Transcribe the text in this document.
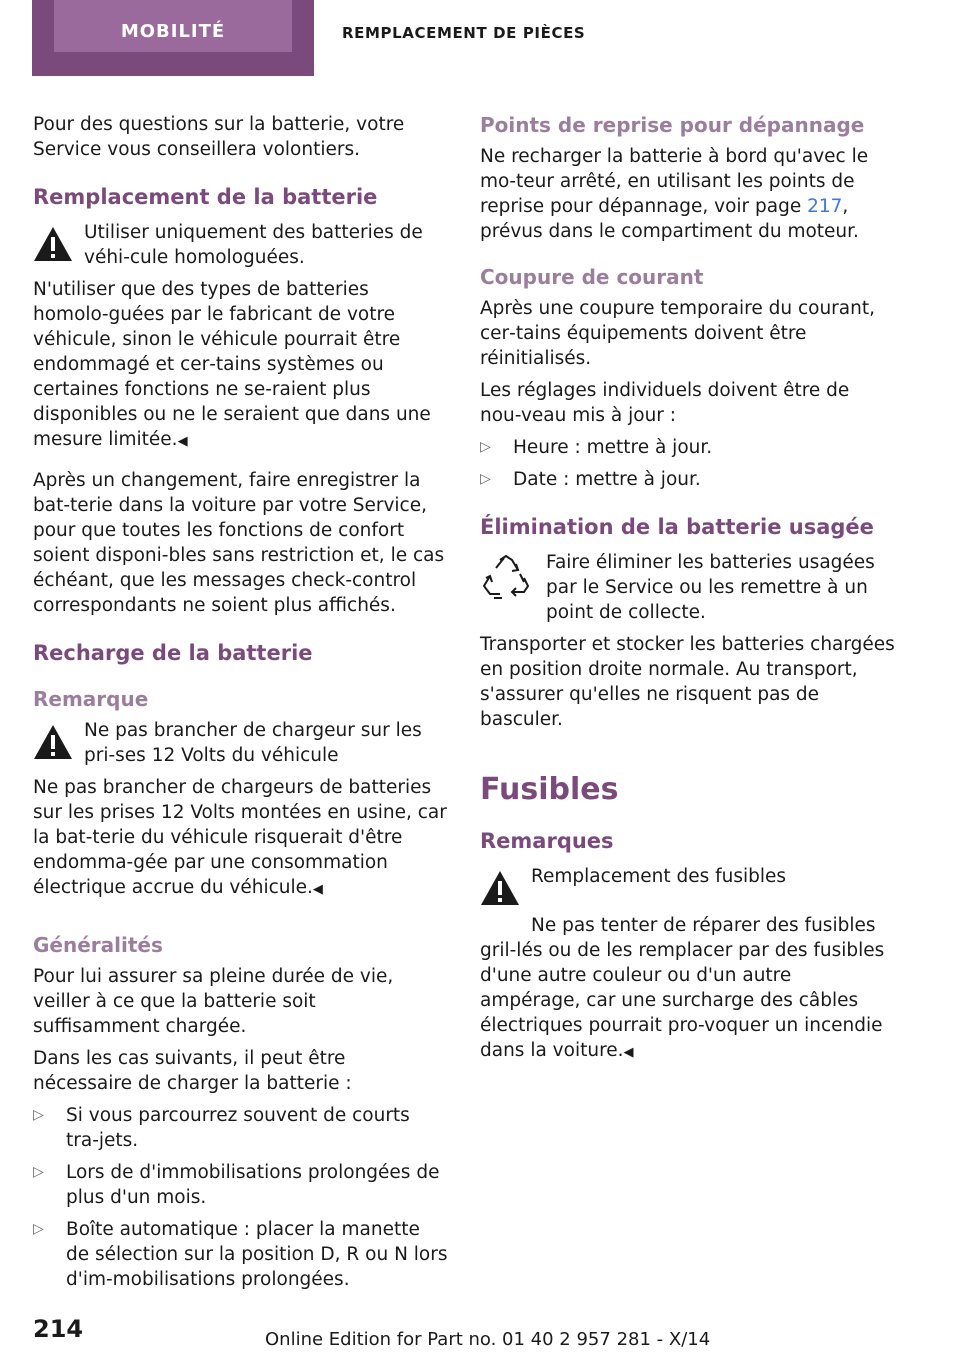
MOBILITÉ	REMPLACEMENT DE PIÈCES

Pour des questions sur la batterie, votre Service vous conseillera volontiers.

Remplacement de la batterie

Utiliser uniquement des batteries de véhi‐cule homologuées.

N'utiliser que des types de batteries homolo‐guées par le fabricant de votre véhicule, sinon le véhicule pourrait être endommagé et cer‐tains systèmes ou certaines fonctions ne se‐raient plus disponibles ou ne le seraient que dans une mesure limitée.◀

Après un changement, faire enregistrer la bat‐terie dans la voiture par votre Service, pour que toutes les fonctions de confort soient disponi‐bles sans restriction et, le cas échéant, que les messages check-control correspondants ne soient plus affichés.

Recharge de la batterie
Remarque

Ne pas brancher de chargeur sur les pri‐ses 12 Volts du véhicule

Ne pas brancher de chargeurs de batteries sur les prises 12 Volts montées en usine, car la bat‐terie du véhicule risquerait d'être endomma‐gée par une consommation électrique accrue du véhicule.◀

Généralités

Pour lui assurer sa pleine durée de vie, veiller à ce que la batterie soit suffisamment chargée.

Dans les cas suivants, il peut être nécessaire de charger la batterie :

▷ Si vous parcourrez souvent de courts tra‐jets.
▷ Lors de d'immobilisations prolongées de plus d'un mois.
▷ Boîte automatique : placer la manette de sélection sur la position D, R ou N lors d'im‐mobilisations prolongées.
Points de reprise pour dépannage

Ne recharger la batterie à bord qu'avec le mo‐teur arrêté, en utilisant les points de reprise pour dépannage, voir page 217, prévus dans le compartiment du moteur.

Coupure de courant

Après une coupure temporaire du courant, cer‐tains équipements doivent être réinitialisés.

Les réglages individuels doivent être de nou‐veau mis à jour :

▷ Heure : mettre à jour.
▷ Date : mettre à jour.
Élimination de la batterie usagée

Faire éliminer les batteries usagées par le Service ou les remettre à un point de collecte.

Transporter et stocker les batteries chargées en position droite normale. Au transport, s'assurer qu'elles ne risquent pas de basculer.

Fusibles
Remarques

Remplacement des fusibles

Ne pas tenter de réparer des fusibles gril‐lés ou de les remplacer par des fusibles d'une autre couleur ou d'un autre ampérage, car une surcharge des câbles électriques pourrait pro‐voquer un incendie dans la voiture.◀

214	Online Edition for Part no. 01 40 2 957 281 - X/14
